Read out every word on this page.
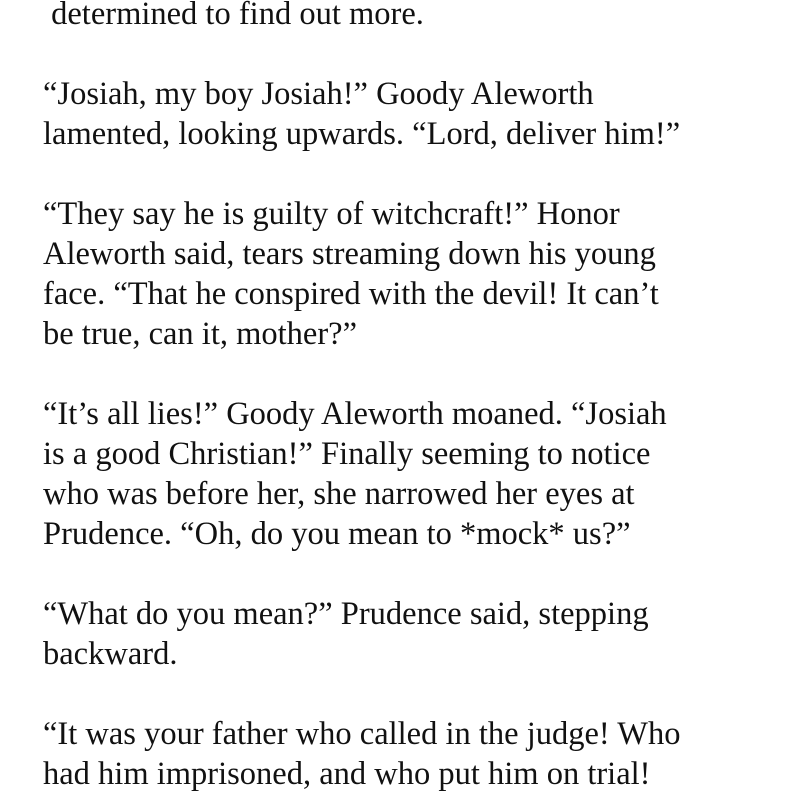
determined to find out more.
“Josiah, my boy Josiah!” Goody Aleworth
lamented, looking upwards. “Lord, deliver him!”
“They say he is guilty of witchcraft!” Honor
Aleworth said, tears streaming down his young
face. “That he conspired with the devil! It can’t
be true, can it, mother?”
“It’s all lies!” Goody Aleworth moaned. “Josiah
is a good Christian!” Finally seeming to notice
who was before her, she narrowed her eyes at
Prudence. “Oh, do you mean to *mock* us?”
“What do you mean?” Prudence said, stepping
backward.
“It was your father who called in the judge! Who
had him imprisoned, and who put him on trial!
